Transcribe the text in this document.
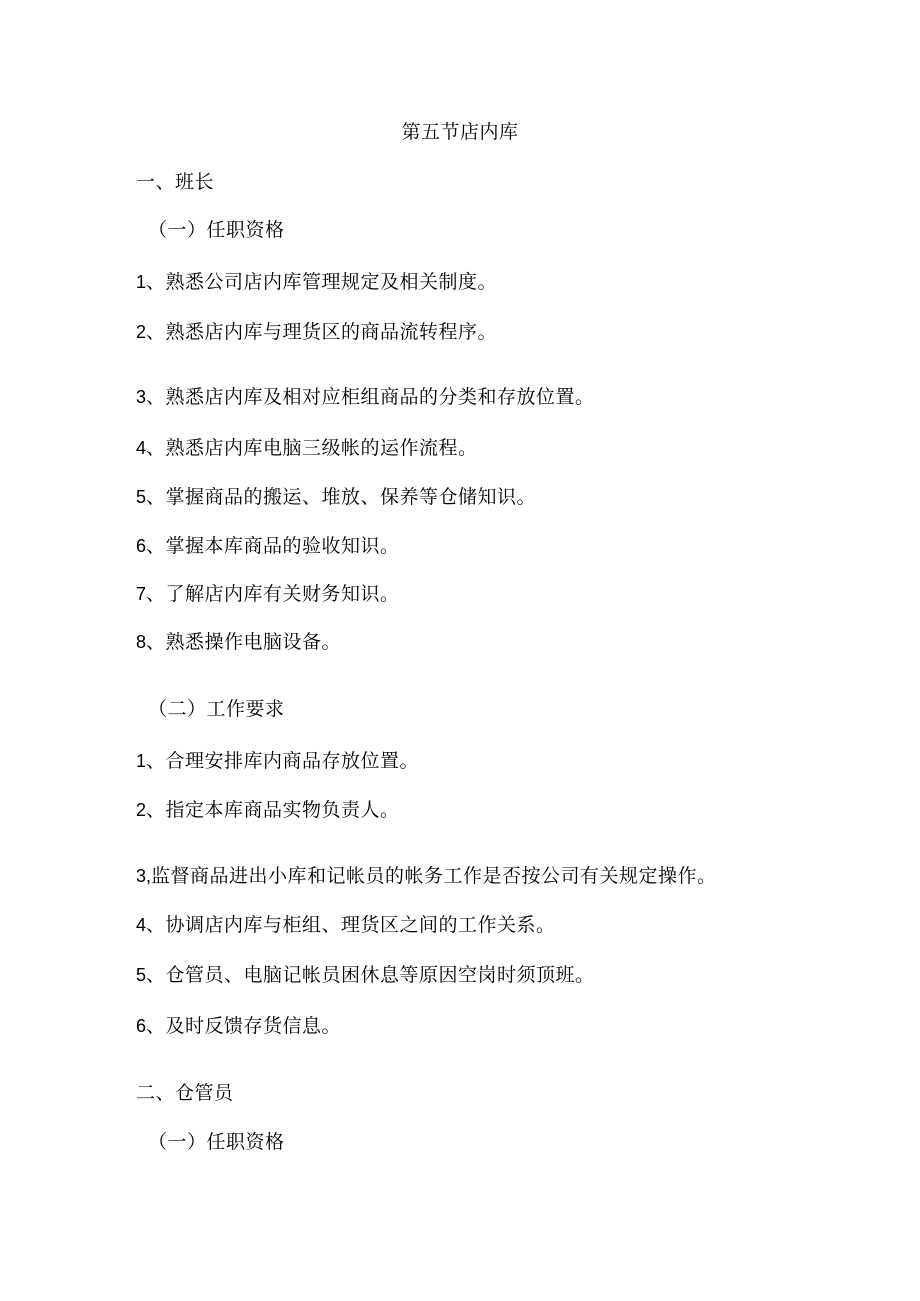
第五节店内库
一、班长
（一）任职资格
1、熟悉公司店内库管理规定及相关制度。
2、熟悉店内库与理货区的商品流转程序。
3、熟悉店内库及相对应柜组商品的分类和存放位置。
4、熟悉店内库电脑三级帐的运作流程。
5、掌握商品的搬运、堆放、保养等仓储知识。
6、掌握本库商品的验收知识。
7、了解店内库有关财务知识。
8、熟悉操作电脑设备。
（二）工作要求
1、合理安排库内商品存放位置。
2、指定本库商品实物负责人。
3,监督商品进出小库和记帐员的帐务工作是否按公司有关规定操作。
4、协调店内库与柜组、理货区之间的工作关系。
5、仓管员、电脑记帐员困休息等原因空岗时须顶班。
6、及时反馈存货信息。
二、仓管员
（一）任职资格
